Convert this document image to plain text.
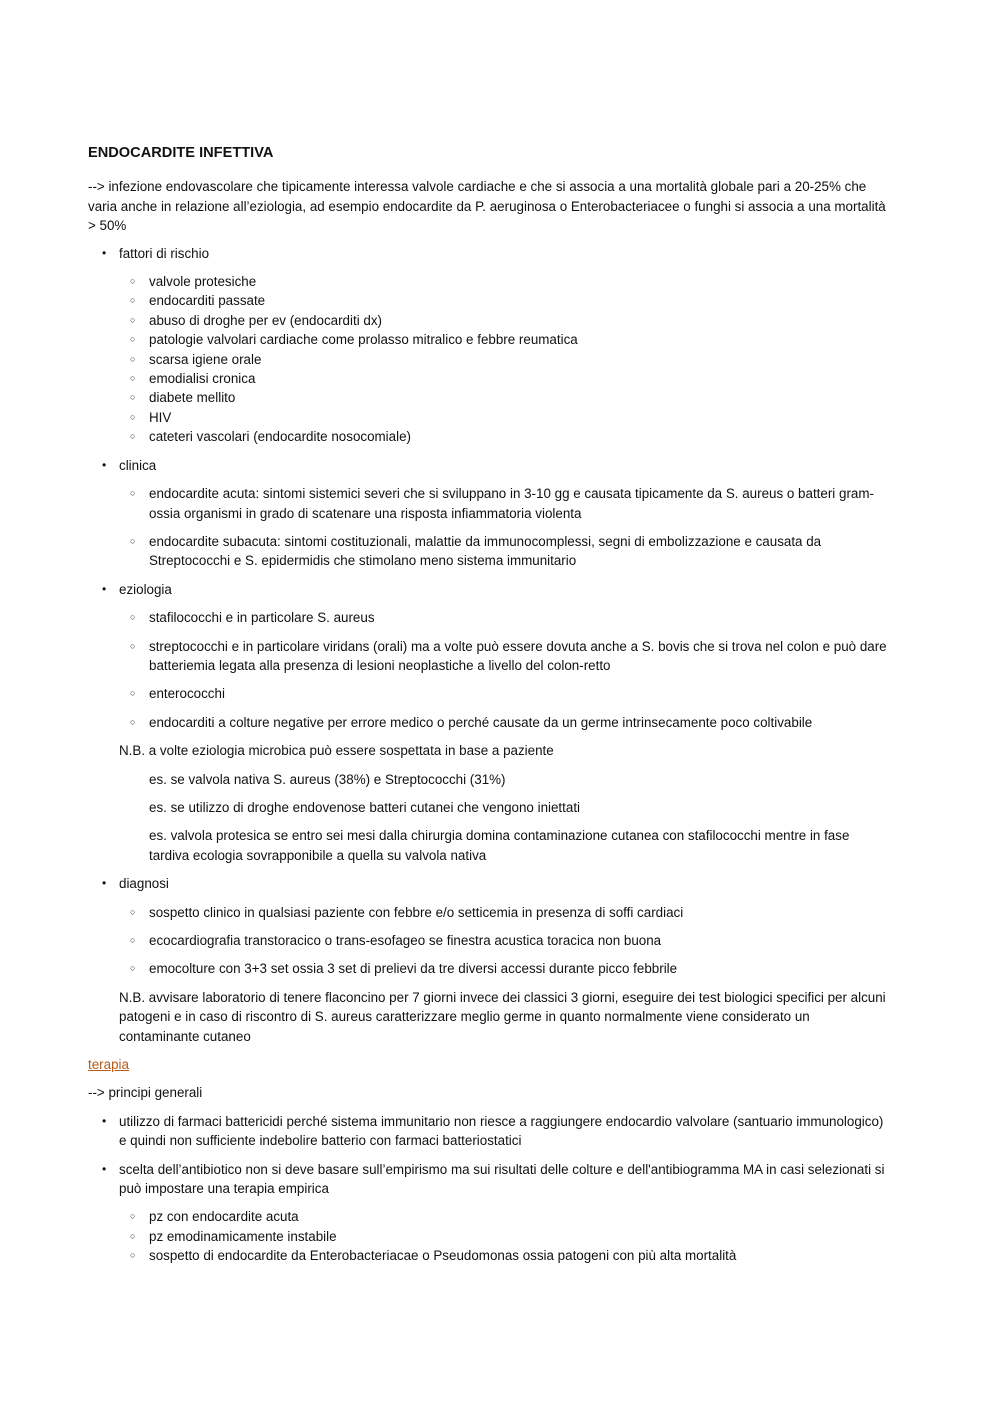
ENDOCARDITE INFETTIVA

--> infezione endovascolare che tipicamente interessa valvole cardiache e che si associa a una mortalità globale pari a 20-25% che varia anche in relazione all’eziologia, ad esempio endocardite da P. aeruginosa o Enterobacteriacee o funghi si associa a una mortalità > 50%

• fattori di rischio
○ valvole protesiche
○ endocarditi passate
○ abuso di droghe per ev (endocarditi dx)
○ patologie valvolari cardiache come prolasso mitralico e febbre reumatica
○ scarsa igiene orale
○ emodialisi cronica
○ diabete mellito
○ HIV
○ cateteri vascolari (endocardite nosocomiale)
• clinica
○ endocardite acuta: sintomi sistemici severi che si sviluppano in 3-10 gg e causata tipicamente da S. aureus o batteri gram- ossia organismi in grado di scatenare una risposta infiammatoria violenta
○ endocardite subacuta: sintomi costituzionali, malattie da immunocomplessi, segni di embolizzazione e causata da Streptococchi e S. epidermidis che stimolano meno sistema immunitario
• eziologia
○ stafilococchi e in particolare S. aureus
○ streptococchi e in particolare viridans (orali) ma a volte può essere dovuta anche a S. bovis che si trova nel colon e può dare batteriemia legata alla presenza di lesioni neoplastiche a livello del colon-retto
○ enterococchi
○ endocarditi a colture negative per errore medico o perché causate da un germe intrinsecamente poco coltivabile

N.B. a volte eziologia microbica può essere sospettata in base a paziente

es. se valvola nativa S. aureus (38%) e Streptococchi (31%)

es. se utilizzo di droghe endovenose batteri cutanei che vengono iniettati

es. valvola protesica se entro sei mesi dalla chirurgia domina contaminazione cutanea con stafilococchi mentre in fase tardiva ecologia sovrapponibile a quella su valvola nativa

• diagnosi
○ sospetto clinico in qualsiasi paziente con febbre e/o setticemia in presenza di soffi cardiaci
○ ecocardiografia transtoracico o trans-esofageo se finestra acustica toracica non buona
○ emocolture con 3+3 set ossia 3 set di prelievi da tre diversi accessi durante picco febbrile

N.B. avvisare laboratorio di tenere flaconcino per 7 giorni invece dei classici 3 giorni, eseguire dei test biologici specifici per alcuni patogeni e in caso di riscontro di S. aureus caratterizzare meglio germe in quanto normalmente viene considerato un contaminante cutaneo

terapia

--> principi generali

• utilizzo di farmaci battericidi perché sistema immunitario non riesce a raggiungere endocardio valvolare (santuario immunologico) e quindi non sufficiente indebolire batterio con farmaci batteriostatici
• scelta dell’antibiotico non si deve basare sull’empirismo ma sui risultati delle colture e dell'antibiogramma MA in casi selezionati si può impostare una terapia empirica
○ pz con endocardite acuta
○ pz emodinamicamente instabile
○ sospetto di endocardite da Enterobacteriacae o Pseudomonas ossia patogeni con più alta mortalità
